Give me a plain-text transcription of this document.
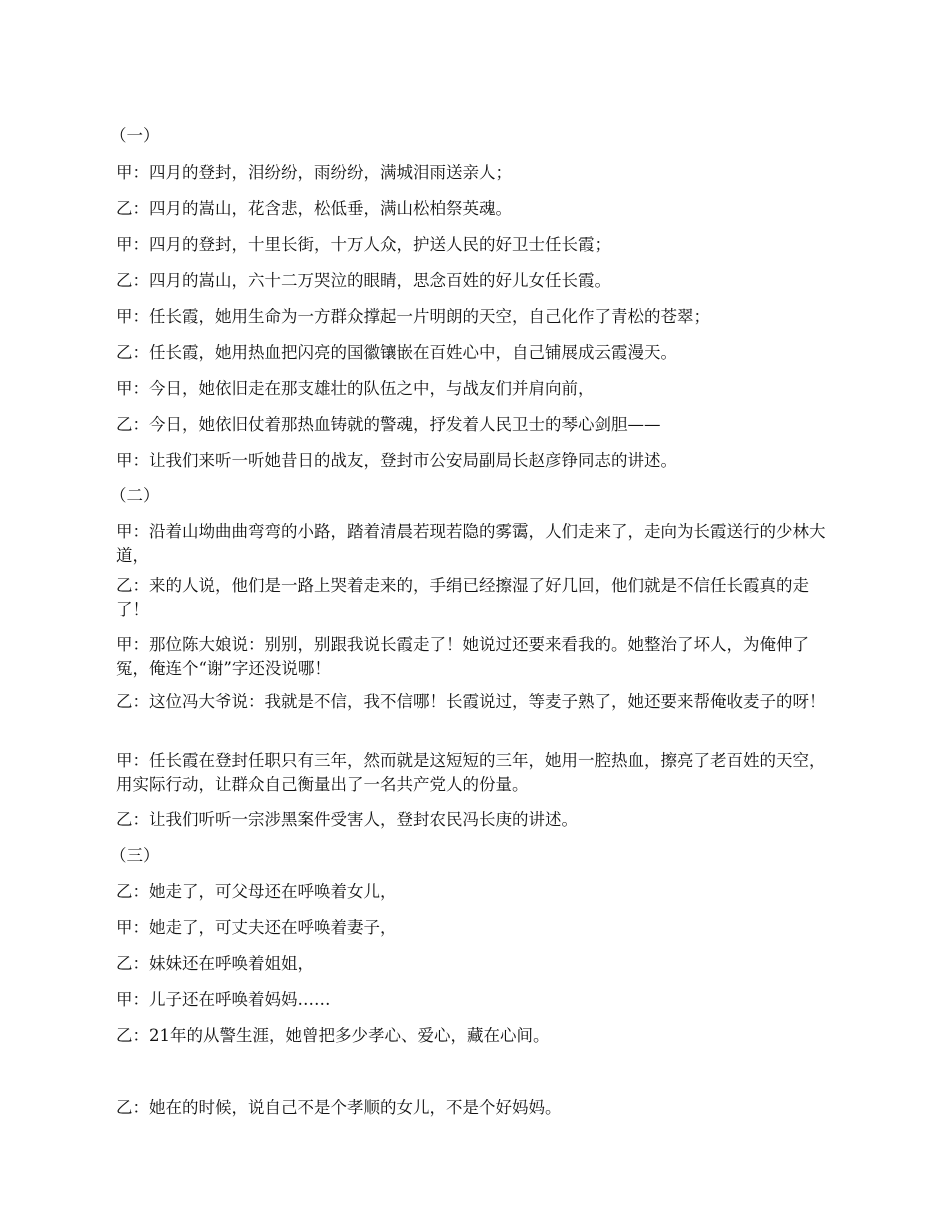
（一）

甲：四月的登封，泪纷纷，雨纷纷，满城泪雨送亲人；

乙：四月的嵩山，花含悲，松低垂，满山松柏祭英魂。

甲：四月的登封，十里长街，十万人众，护送人民的好卫士任长霞；

乙：四月的嵩山，六十二万哭泣的眼睛，思念百姓的好儿女任长霞。

甲：任长霞，她用生命为一方群众撑起一片明朗的天空，自己化作了青松的苍翠；

乙：任长霞，她用热血把闪亮的国徽镶嵌在百姓心中，自己铺展成云霞漫天。

甲：今日，她依旧走在那支雄壮的队伍之中，与战友们并肩向前，

乙：今日，她依旧仗着那热血铸就的警魂，抒发着人民卫士的琴心剑胆——

甲：让我们来听一听她昔日的战友，登封市公安局副局长赵彦铮同志的讲述。

（二）

甲：沿着山坳曲曲弯弯的小路，踏着清晨若现若隐的雾霭，人们走来了，走向为长霞送行的少林大道，

乙：来的人说，他们是一路上哭着走来的，手绢已经擦湿了好几回，他们就是不信任长霞真的走了！

甲：那位陈大娘说：别别，别跟我说长霞走了！她说过还要来看我的。她整治了坏人，为俺伸了冤，俺连个“谢”字还没说哪！

乙：这位冯大爷说：我就是不信，我不信哪！长霞说过，等麦子熟了，她还要来帮俺收麦子的呀！

甲：任长霞在登封任职只有三年，然而就是这短短的三年，她用一腔热血，擦亮了老百姓的天空，用实际行动，让群众自己衡量出了一名共产党人的份量。

乙：让我们听听一宗涉黑案件受害人，登封农民冯长庚的讲述。

（三）

乙：她走了，可父母还在呼唤着女儿，

甲：她走了，可丈夫还在呼唤着妻子，

乙：妹妹还在呼唤着姐姐，

甲：儿子还在呼唤着妈妈……

乙：21年的从警生涯，她曾把多少孝心、爱心，藏在心间。

乙：她在的时候，说自己不是个孝顺的女儿，不是个好妈妈。
